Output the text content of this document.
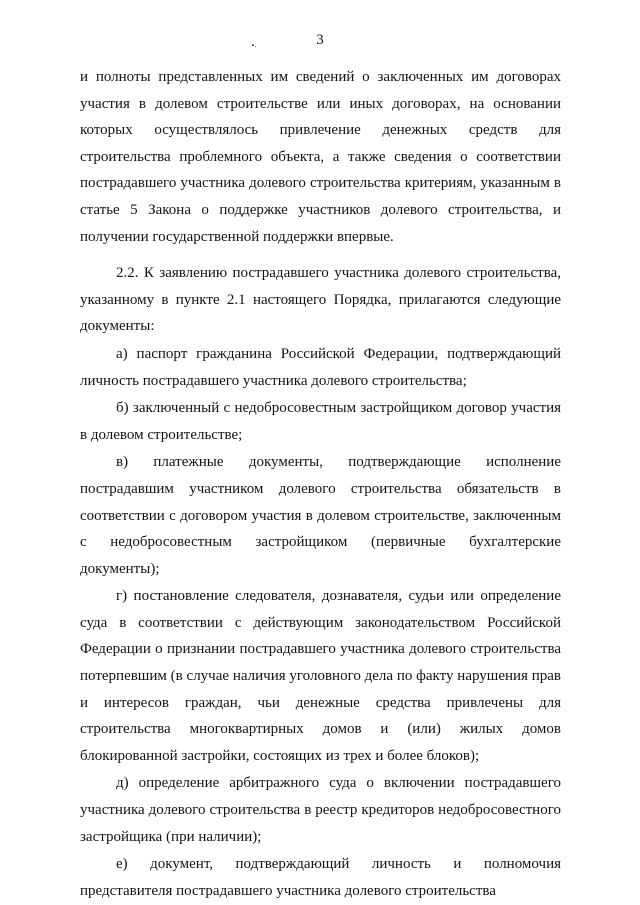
3

и полноты представленных им сведений о заключенных им договорах участия в долевом строительстве или иных договорах, на основании которых осуществлялось привлечение денежных средств для строительства проблемного объекта, а также сведения о соответствии пострадавшего участника долевого строительства критериям, указанным в статье 5 Закона о поддержке участников долевого строительства, и получении государственной поддержки впервые.

2.2. К заявлению пострадавшего участника долевого строительства, указанному в пункте 2.1 настоящего Порядка, прилагаются следующие документы:

а) паспорт гражданина Российской Федерации, подтверждающий личность пострадавшего участника долевого строительства;

б) заключенный с недобросовестным застройщиком договор участия в долевом строительстве;

в) платежные документы, подтверждающие исполнение пострадавшим участником долевого строительства обязательств в соответствии с договором участия в долевом строительстве, заключенным с недобросовестным застройщиком (первичные бухгалтерские документы);

г) постановление следователя, дознавателя, судьи или определение суда в соответствии с действующим законодательством Российской Федерации о признании пострадавшего участника долевого строительства потерпевшим (в случае наличия уголовного дела по факту нарушения прав и интересов граждан, чьи денежные средства привлечены для строительства многоквартирных домов и (или) жилых домов блокированной застройки, состоящих из трех и более блоков);

д) определение арбитражного суда о включении пострадавшего участника долевого строительства в реестр кредиторов недобросовестного застройщика (при наличии);

е) документ, подтверждающий личность и полномочия представителя пострадавшего участника долевого строительства
